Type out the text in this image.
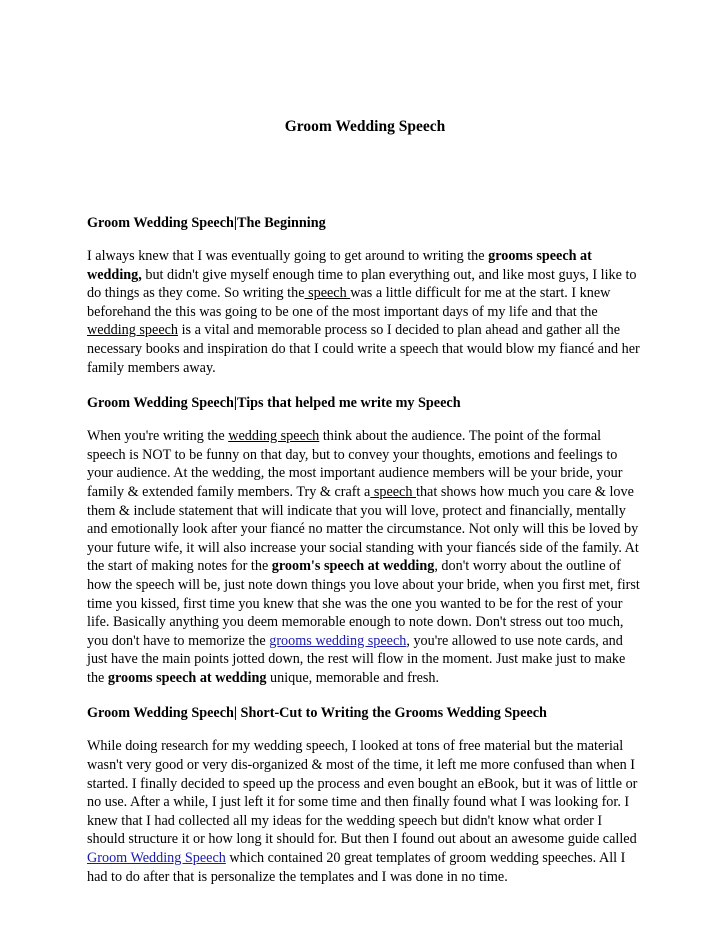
Groom Wedding Speech
Groom Wedding Speech|The Beginning

I always knew that I was eventually going to get around to writing the grooms speech at wedding, but didn't give myself enough time to plan everything out, and like most guys, I like to do things as they come. So writing the speech was a little difficult for me at the start. I knew beforehand the this was going to be one of the most important days of my life and that the wedding speech is a vital and memorable process so I decided to plan ahead and gather all the necessary books and inspiration do that I could write a speech that would blow my fiancé and her family members away.

Groom Wedding Speech|Tips that helped me write my Speech

When you're writing the wedding speech think about the audience. The point of the formal speech is NOT to be funny on that day, but to convey your thoughts, emotions and feelings to your audience. At the wedding, the most important audience members will be your bride, your family & extended family members. Try & craft a speech that shows how much you care & love them & include statement that will indicate that you will love, protect and financially, mentally and emotionally look after your fiancé no matter the circumstance. Not only will this be loved by your future wife, it will also increase your social standing with your fiancés side of the family. At the start of making notes for the groom's speech at wedding, don't worry about the outline of how the speech will be, just note down things you love about your bride, when you first met, first time you kissed, first time you knew that she was the one you wanted to be for the rest of your life. Basically anything you deem memorable enough to note down. Don't stress out too much, you don't have to memorize the grooms wedding speech, you're allowed to use note cards, and just have the main points jotted down, the rest will flow in the moment. Just make just to make the grooms speech at wedding unique, memorable and fresh.

Groom Wedding Speech| Short-Cut to Writing the Grooms Wedding Speech

While doing research for my wedding speech, I looked at tons of free material but the material wasn't very good or very dis-organized & most of the time, it left me more confused than when I started. I finally decided to speed up the process and even bought an eBook, but it was of little or no use. After a while, I just left it for some time and then finally found what I was looking for. I knew that I had collected all my ideas for the wedding speech but didn't know what order I should structure it or how long it should for. But then I found out about an awesome guide called Groom Wedding Speech which contained 20 great templates of groom wedding speeches. All I had to do after that is personalize the templates and I was done in no time.
